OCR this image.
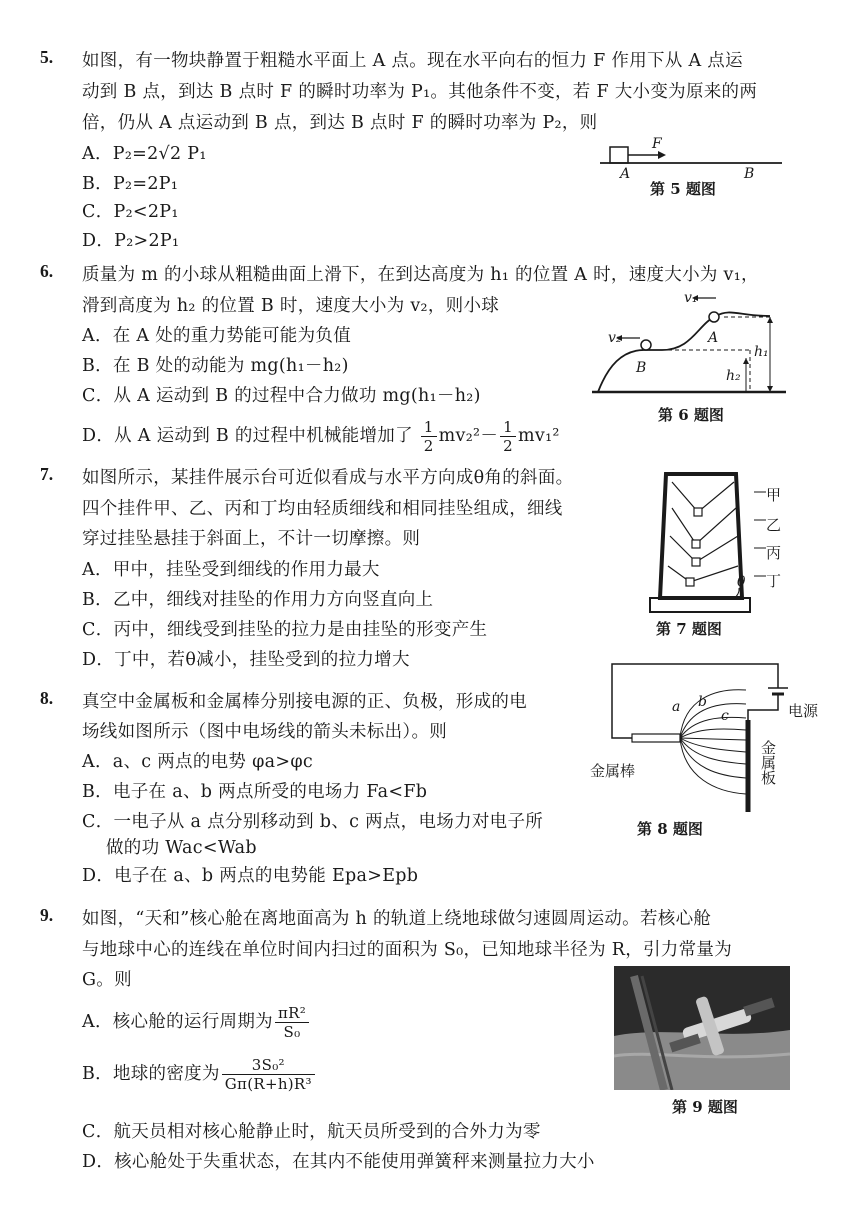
5. 如图，有一物块静置于粗糙水平面上 A 点。现在水平向右的恒力 F 作用下从 A 点运
动到 B 点，到达 B 点时 F 的瞬时功率为 P₁。其他条件不变，若 F 大小变为原来的两
倍，仍从 A 点运动到 B 点，到达 B 点时 F 的瞬时功率为 P₂，则
A．P₂=2√2 P₁
B．P₂=2P₁
C．P₂<2P₁
D．P₂>2P₁
F
A	B
第 5 题图
6. 质量为 m 的小球从粗糙曲面上滑下，在到达高度为 h₁ 的位置 A 时，速度大小为 v₁，
滑到高度为 h₂ 的位置 B 时，速度大小为 v₂，则小球
A．在 A 处的重力势能可能为负值
B．在 B 处的动能为 mg(h₁－h₂)
C．从 A 运动到 B 的过程中合力做功 mg(h₁－h₂)
D．从 A 运动到 B 的过程中机械能增加了 $\frac{1}{2} mv_2^2- \frac{1}{2} mv_1^2$
v₁
v₂	A
B
h₁
h₂
第 6 题图
7. 如图所示，某挂件展示台可近似看成与水平方向成θ角的斜面。
四个挂件甲、乙、丙和丁均由轻质细线和相同挂坠组成，细线
穿过挂坠悬挂于斜面上，不计一切摩擦。则
A．甲中，挂坠受到细线的作用力最大
B．乙中，细线对挂坠的作用力方向竖直向上
C．丙中，细线受到挂坠的拉力是由挂坠的形变产生
D．丁中，若θ减小，挂坠受到的拉力增大
甲
乙
丙
丁
θ
第 7 题图
8. 真空中金属板和金属棒分别接电源的正、负极，形成的电
场线如图所示（图中电场线的箭头未标出）。则
A．a、c 两点的电势 φa>φc
B．电子在 a、b 两点所受的电场力 Fa<Fb
C．一电子从 a 点分别移动到 b、c 两点，电场力对电子所
做的功 Wac<Wab
D．电子在 a、b 两点的电势能 Epa>Epb
a b
c	电源
金属棒	金属板
第 8 题图
9. 如图，“天和”核心舱在离地面高为 h 的轨道上绕地球做匀速圆周运动。若核心舱
与地球中心的连线在单位时间内扫过的面积为 S₀，已知地球半径为 R，引力常量为
G。则
A．核心舱的运行周期为 $\frac{\text{πR²}}{\text{S₀}}$
B．地球的密度为 $\frac{\text{3S₀²}}{\text{Gπ(R+h)R³}}$
C．航天员相对核心舱静止时，航天员所受到的合外力为零
D．核心舱处于失重状态，在其内不能使用弹簧秤来测量拉力大小
第 9 题图
